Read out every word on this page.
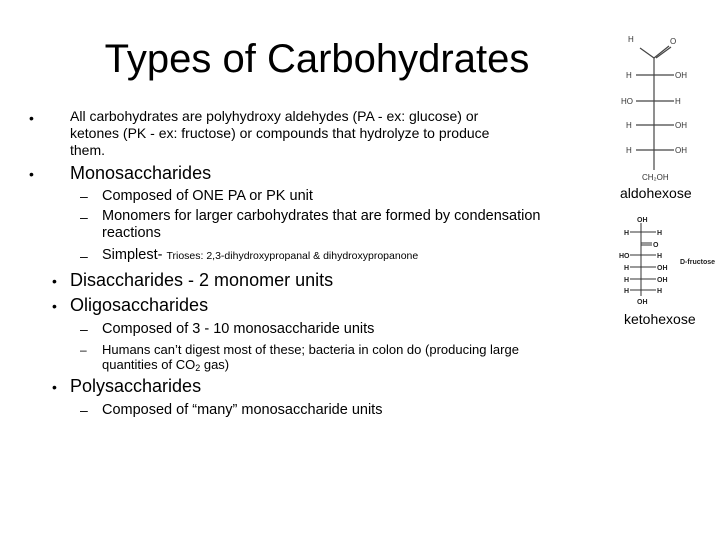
Types of Carbohydrates
•	All carbohydrates are polyhydroxy aldehydes (PA - ex: glucose) or
ketones (PK - ex: fructose) or compounds that hydrolyze to produce
them.
• Monosaccharides
– Composed of ONE PA or PK unit
– Monomers for larger carbohydrates that are formed by condensation
reactions
– Simplest- Trioses: 2,3-dihydroxypropanal & dihydroxypropanone
• Disaccharides - 2 monomer units
• Oligosaccharides
– Composed of 3 - 10 monosaccharide units
– Humans can’t digest most of these; bacteria in colon do (producing large
quantities of $CO_2$ gas)
• Polysaccharides
– Composed of “many” monosaccharide units
H	O
H	OH
HO	H
H	OH
H	OH
CH₂OH
aldohexose
OH
H	H
O
HO	H
H	OH
H	OH
H	H
OH
D-fructose
ketohexose
